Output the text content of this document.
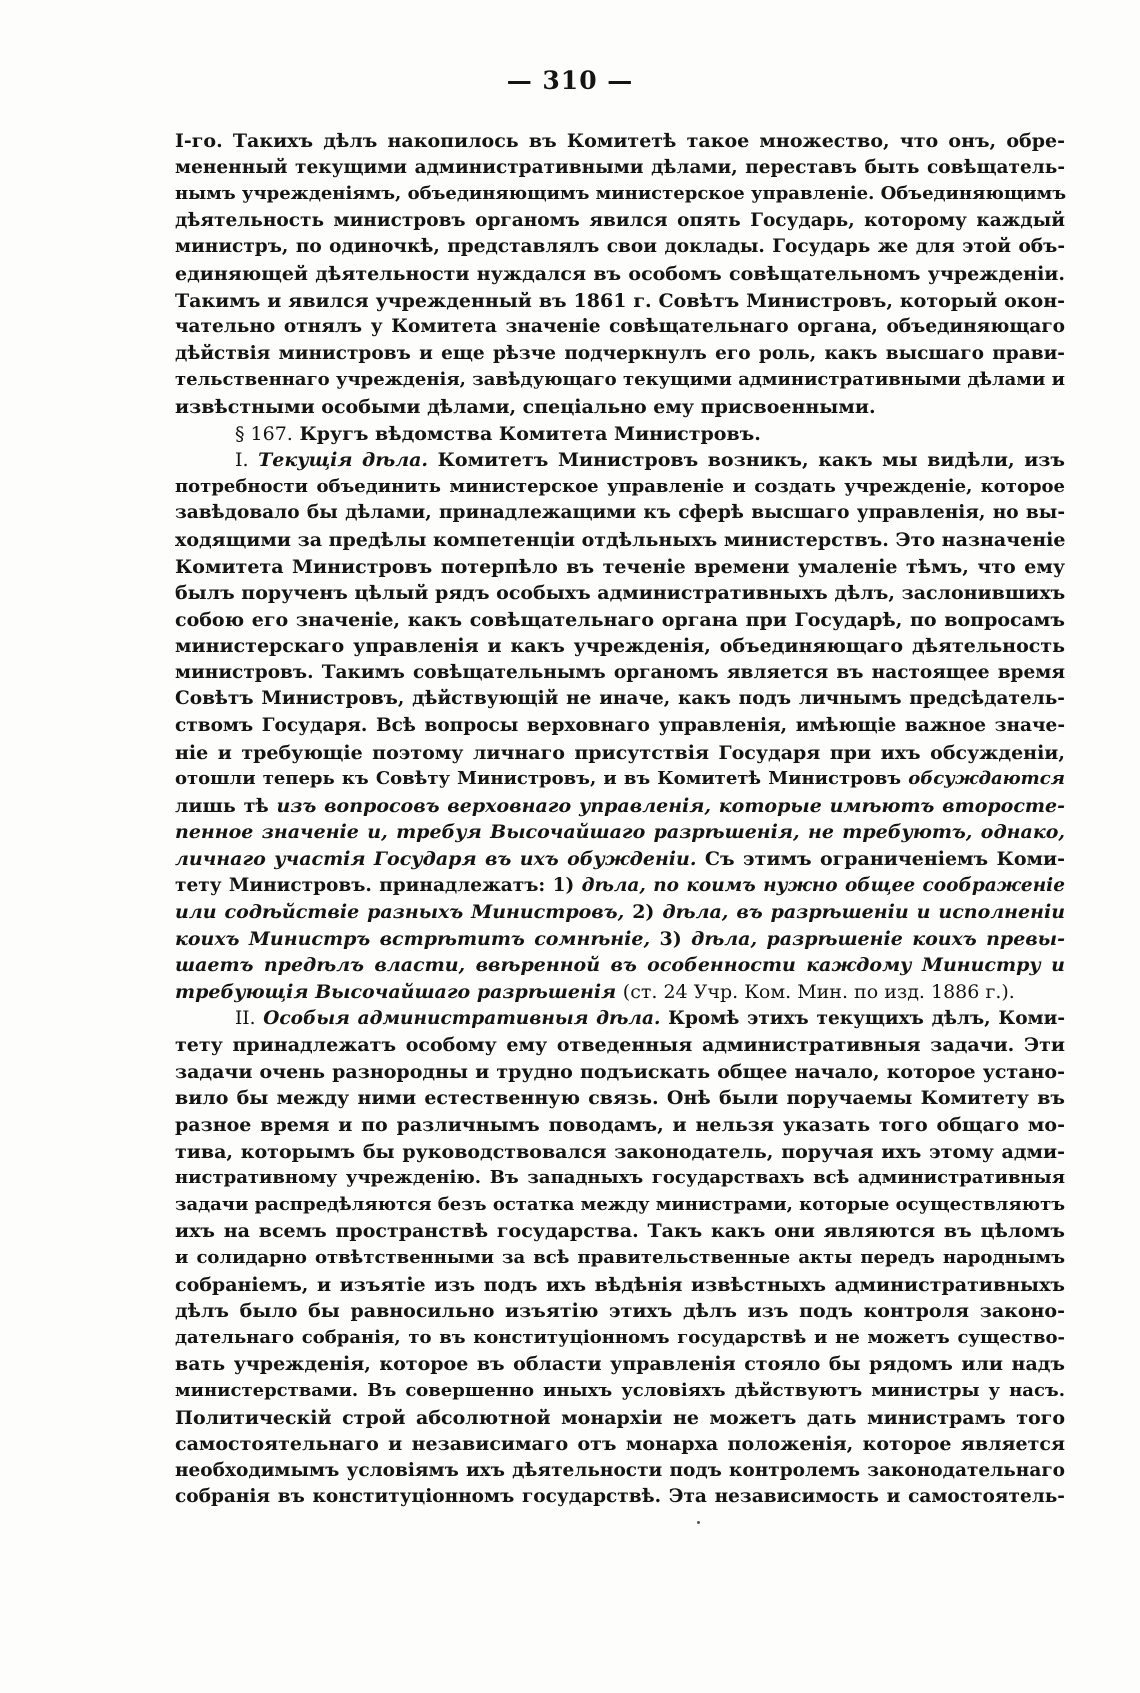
— 310 —
I-го. Такихъ дѣлъ накопилось въ Комитетѣ такое множество, что онъ, обре-
мененный текущими административными дѣлами, переставъ быть совѣщатель-
нымъ учрежденіямъ, объединяющимъ министерское управленіе. Объединяющимъ
дѣятельность министровъ органомъ явился опять Государь, которому каждый
министръ, по одиночкѣ, представлялъ свои доклады. Государь же для этой объ-
единяющей дѣятельности нуждался въ особомъ совѣщательномъ учрежденіи.
Такимъ и явился учрежденный въ 1861 г. Совѣтъ Министровъ, который окон-
чательно отнялъ у Комитета значеніе совѣщательнаго органа, объединяющаго
дѣйствія министровъ и еще рѣзче подчеркнулъ его роль, какъ высшаго прави-
тельственнаго учрежденія, завѣдующаго текущими административными дѣлами и
извѣстными особыми дѣлами, спеціально ему присвоенными.
§ 167. Кругъ вѣдомства Комитета Министровъ.
I. Текущія дѣла. Комитетъ Министровъ возникъ, какъ мы видѣли, изъ
потребности объединить министерское управленіе и создать учрежденіе, которое
завѣдовало бы дѣлами, принадлежащими къ сферѣ высшаго управленія, но вы-
ходящими за предѣлы компетенціи отдѣльныхъ министерствъ. Это назначеніе
Комитета Министровъ потерпѣло въ теченіе времени умаленіе тѣмъ, что ему
былъ порученъ цѣлый рядъ особыхъ административныхъ дѣлъ, заслонившихъ
собою его значеніе, какъ совѣщательнаго органа при Государѣ, по вопросамъ
министерскаго управленія и какъ учрежденія, объединяющаго дѣятельность
министровъ. Такимъ совѣщательнымъ органомъ является въ настоящее время
Совѣтъ Министровъ, дѣйствующій не иначе, какъ подъ личнымъ предсѣдатель-
ствомъ Государя. Всѣ вопросы верховнаго управленія, имѣющіе важное значе-
ніе и требующіе поэтому личнаго присутствія Государя при ихъ обсужденіи,
отошли теперь къ Совѣту Министровъ, и въ Комитетѣ Министровъ обсуждаются
лишь тѣ изъ вопросовъ верховнаго управленія, которые имѣютъ второсте-
пенное значеніе и, требуя Высочайшаго разрѣшенія, не требуютъ, однако,
личнаго участія Государя въ ихъ обужденіи. Съ этимъ ограниченіемъ Коми-
тету Министровъ. принадлежатъ: 1) дѣла, по коимъ нужно общее соображеніе
или содѣйствіе разныхъ Министровъ, 2) дѣла, въ разрѣшеніи и исполненіи
коихъ Министръ встрѣтитъ сомнѣніе, 3) дѣла, разрѣшеніе коихъ превы-
шаетъ предѣлъ власти, ввѣренной въ особенности каждому Министру и
требующія Высочайшаго разрѣшенія (ст. 24 Учр. Ком. Мин. по изд. 1886 г.).
II. Особыя административныя дѣла. Кромѣ этихъ текущихъ дѣлъ, Коми-
тету принадлежатъ особому ему отведенныя административныя задачи. Эти
задачи очень разнородны и трудно подъискать общее начало, которое устано-
вило бы между ними естественную связь. Онѣ были поручаемы Комитету въ
разное время и по различнымъ поводамъ, и нельзя указать того общаго мо-
тива, которымъ бы руководствовался законодатель, поручая ихъ этому адми-
нистративному учрежденію. Въ западныхъ государствахъ всѣ административныя
задачи распредѣляются безъ остатка между министрами, которые осуществляютъ
ихъ на всемъ пространствѣ государства. Такъ какъ они являются въ цѣломъ
и солидарно отвѣтственными за всѣ правительственные акты передъ народнымъ
собраніемъ, и изъятіе изъ подъ ихъ вѣдѣнія извѣстныхъ административныхъ
дѣлъ было бы равносильно изъятію этихъ дѣлъ изъ подъ контроля законо-
дательнаго собранія, то въ конституціонномъ государствѣ и не можетъ существо-
вать учрежденія, которое въ области управленія стояло бы рядомъ или надъ
министерствами. Въ совершенно иныхъ условіяхъ дѣйствуютъ министры у насъ.
Политическій строй абсолютной монархіи не можетъ дать министрамъ того
самостоятельнаго и независимаго отъ монарха положенія, которое является
необходимымъ условіямъ ихъ дѣятельности подъ контролемъ законодательнаго
собранія въ конституціонномъ государствѣ. Эта независимость и самостоятель-
